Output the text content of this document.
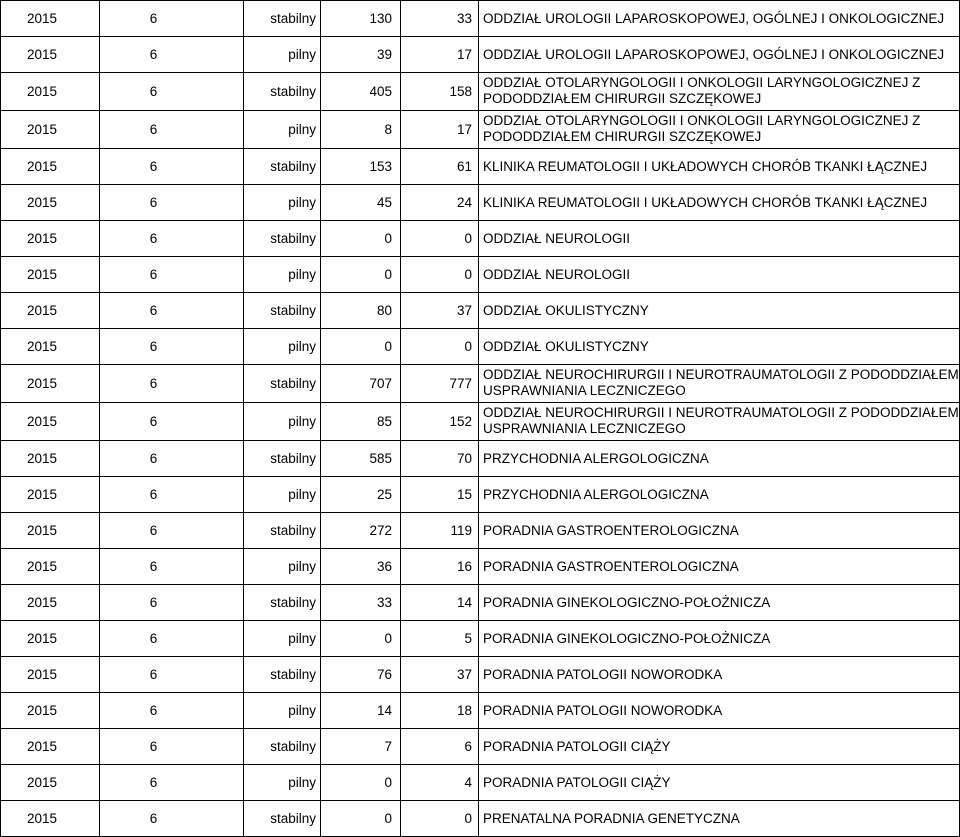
2015	6	stabilny	130	33	ODDZIAŁ UROLOGII LAPAROSKOPOWEJ, OGÓLNEJ I ONKOLOGICZNEJ
2015	6	pilny	39	17	ODDZIAŁ UROLOGII LAPAROSKOPOWEJ, OGÓLNEJ I ONKOLOGICZNEJ
2015	6	stabilny	405	158	ODDZIAŁ OTOLARYNGOLOGII I ONKOLOGII LARYNGOLOGICZNEJ Z PODODDZIAŁEM CHIRURGII SZCZĘKOWEJ
2015	6	pilny	8	17	ODDZIAŁ OTOLARYNGOLOGII I ONKOLOGII LARYNGOLOGICZNEJ Z PODODDZIAŁEM CHIRURGII SZCZĘKOWEJ
2015	6	stabilny	153	61	KLINIKA REUMATOLOGII I UKŁADOWYCH CHORÓB TKANKI ŁĄCZNEJ
2015	6	pilny	45	24	KLINIKA REUMATOLOGII I UKŁADOWYCH CHORÓB TKANKI ŁĄCZNEJ
2015	6	stabilny	0	0	ODDZIAŁ NEUROLOGII
2015	6	pilny	0	0	ODDZIAŁ NEUROLOGII
2015	6	stabilny	80	37	ODDZIAŁ OKULISTYCZNY
2015	6	pilny	0	0	ODDZIAŁ OKULISTYCZNY
2015	6	stabilny	707	777	ODDZIAŁ NEUROCHIRURGII I NEUROTRAUMATOLOGII Z PODODDZIAŁEM USPRAWNIANIA LECZNICZEGO
2015	6	pilny	85	152	ODDZIAŁ NEUROCHIRURGII I NEUROTRAUMATOLOGII Z PODODDZIAŁEM USPRAWNIANIA LECZNICZEGO
2015	6	stabilny	585	70	PRZYCHODNIA ALERGOLOGICZNA
2015	6	pilny	25	15	PRZYCHODNIA ALERGOLOGICZNA
2015	6	stabilny	272	119	PORADNIA GASTROENTEROLOGICZNA
2015	6	pilny	36	16	PORADNIA GASTROENTEROLOGICZNA
2015	6	stabilny	33	14	PORADNIA GINEKOLOGICZNO-POŁOŻNICZA
2015	6	pilny	0	5	PORADNIA GINEKOLOGICZNO-POŁOŻNICZA
2015	6	stabilny	76	37	PORADNIA PATOLOGII NOWORODKA
2015	6	pilny	14	18	PORADNIA PATOLOGII NOWORODKA
2015	6	stabilny	7	6	PORADNIA PATOLOGII CIĄŻY
2015	6	pilny	0	4	PORADNIA PATOLOGII CIĄŻY
2015	6	stabilny	0	0	PRENATALNA PORADNIA GENETYCZNA
